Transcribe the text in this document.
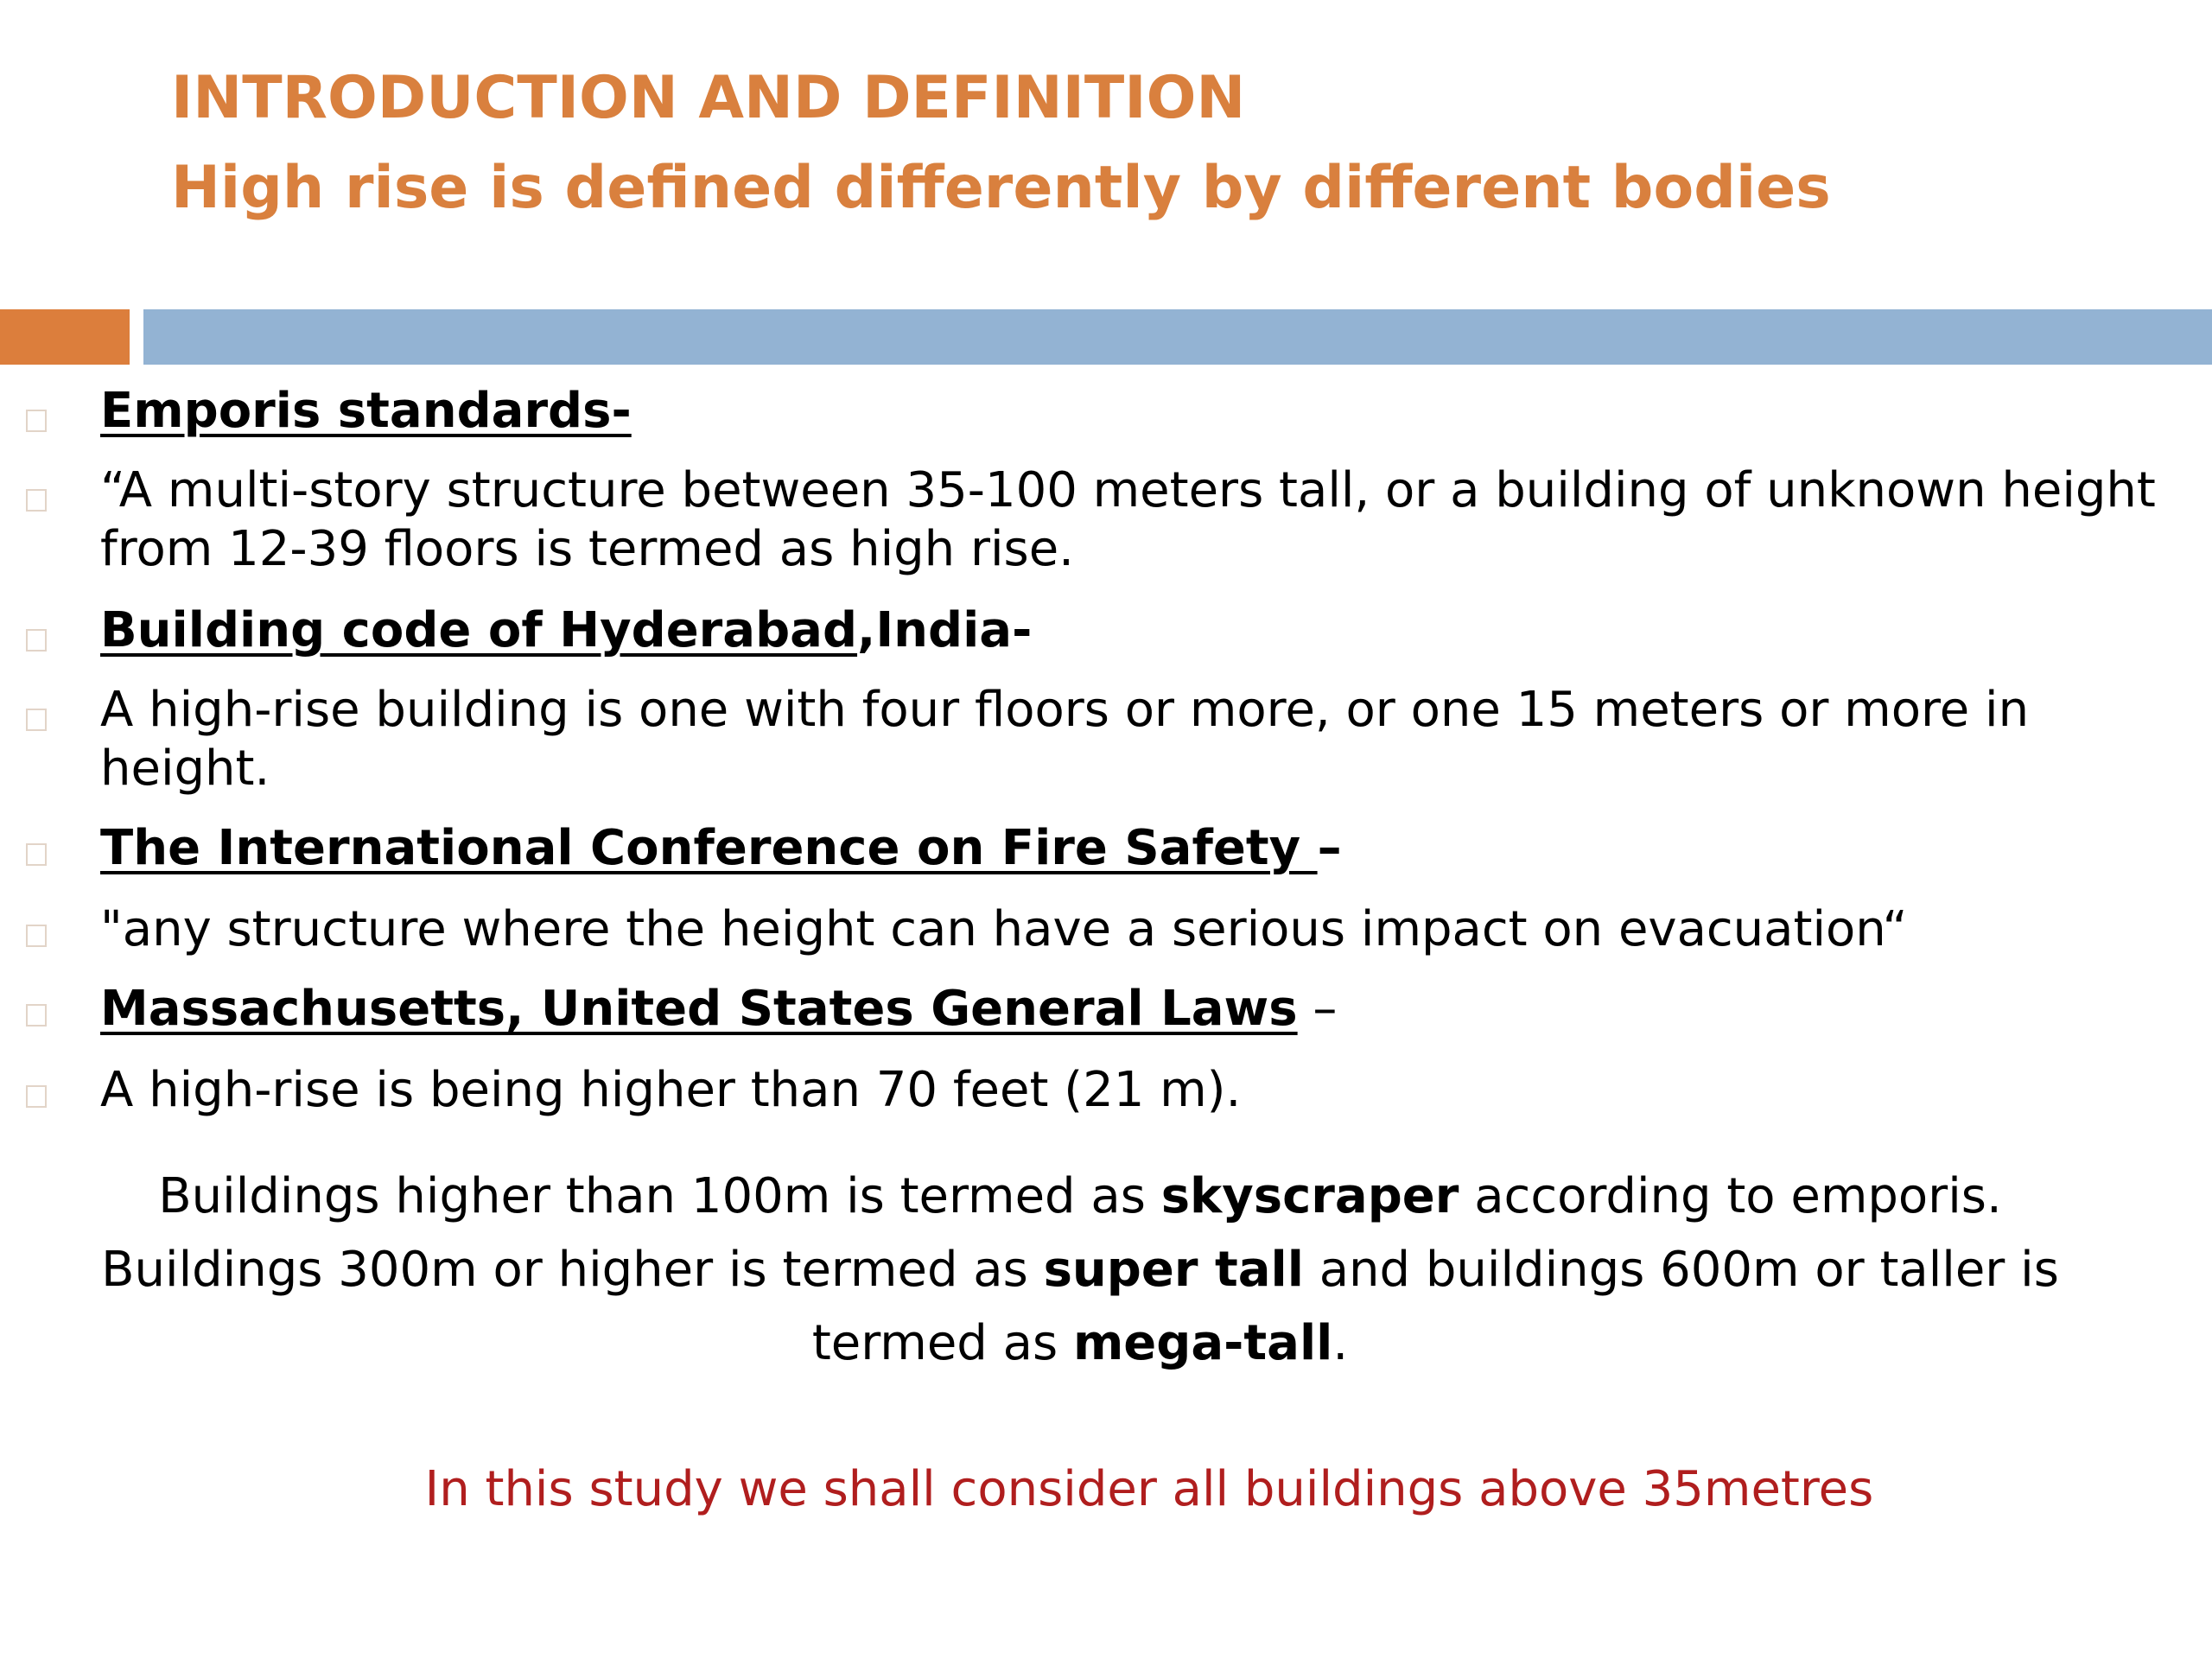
INTRODUCTION AND DEFINITION
High rise is defined differently by different bodies
Emporis standards-
“A multi-story structure between 35-100 meters tall, or a building of unknown height from 12-39 floors is termed as high rise.
Building code of Hyderabad,India-
A high-rise building is one with four floors or more, or one 15 meters or more in height.
The International Conference on Fire Safety –
"any structure where the height can have a serious impact on evacuation“
Massachusetts, United States General Laws –
A high-rise is being higher than 70 feet (21 m).
Buildings higher than 100m is termed as skyscraper according to emporis. Buildings 300m or higher is termed as super tall and buildings 600m or taller is termed as mega-tall.
In this study we shall consider all buildings above 35metres
